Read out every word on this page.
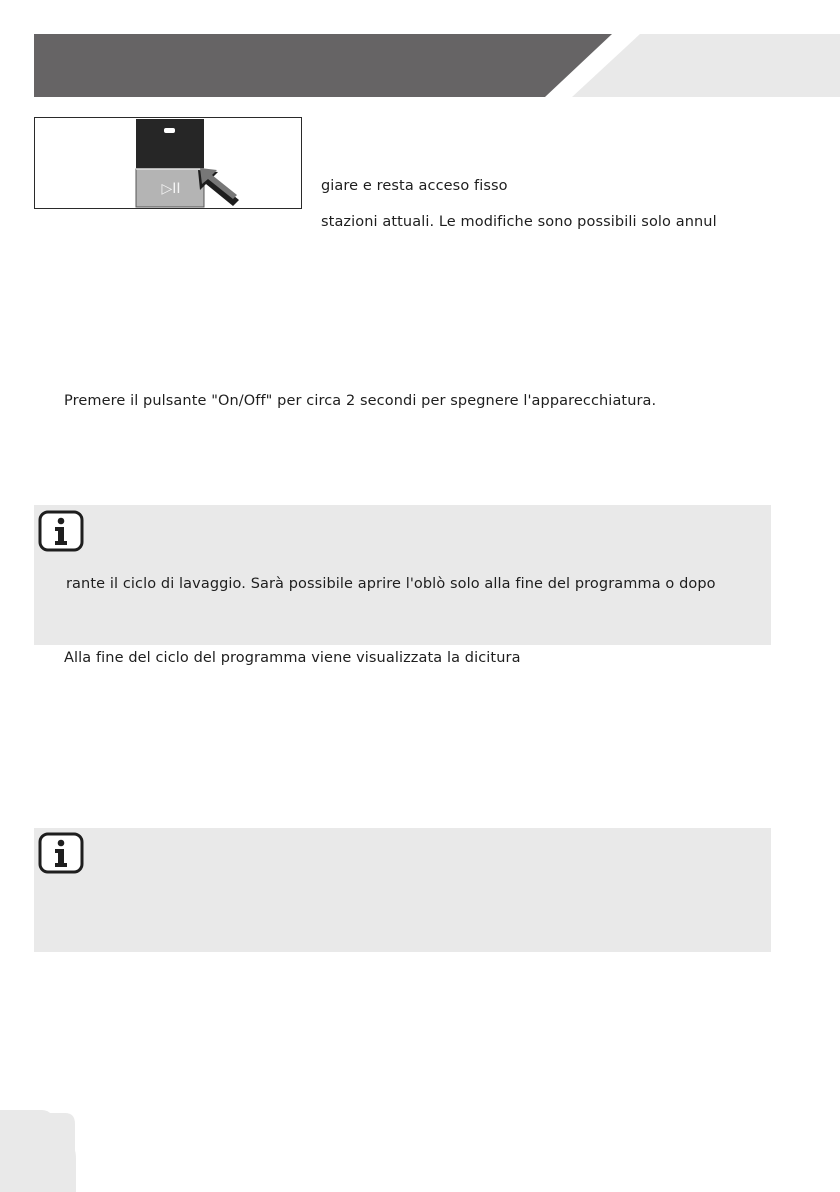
▷II	giare e resta acceso fisso
stazioni attuali. Le modifiche sono possibili solo annul
Premere il pulsante "On/Off" per circa 2 secondi per spegnere l'apparecchiatura.
rante il ciclo di lavaggio. Sarà possibile aprire l'oblò solo alla fine del programma o dopo
Alla fine del ciclo del programma viene visualizzata la dicitura
